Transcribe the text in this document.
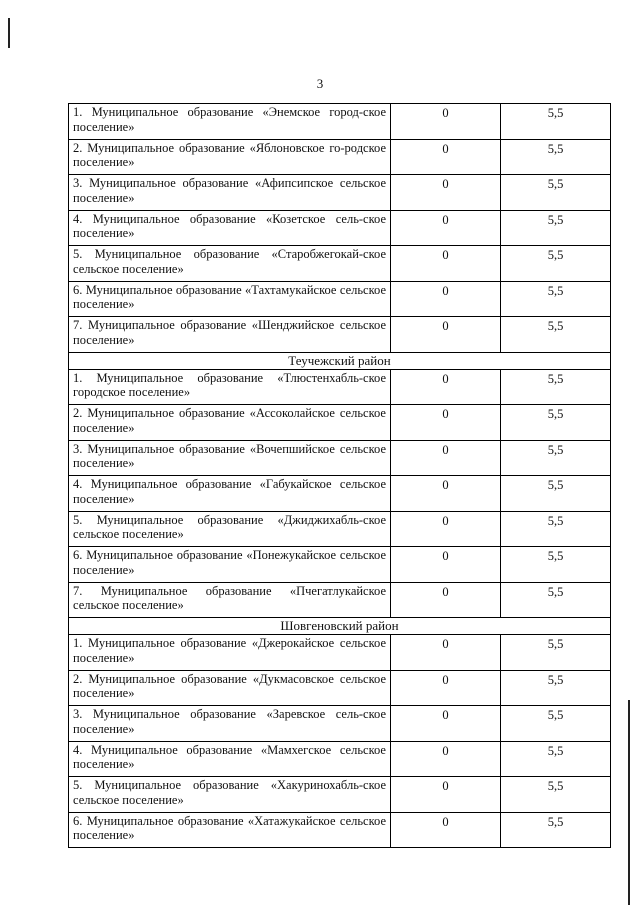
3
1. Муниципальное образование «Энемское город-ское поселение»	0	5,5
2. Муниципальное образование «Яблоновское го-родское поселение»	0	5,5
3. Муниципальное образование «Афипсипское сельское поселение»	0	5,5
4. Муниципальное образование «Козетское сель-ское поселение»	0	5,5
5. Муниципальное образование «Старобжегокай-ское сельское поселение»	0	5,5
6. Муниципальное образование «Тахтамукайское сельское поселение»	0	5,5
7. Муниципальное образование «Шенджийское сельское поселение»	0	5,5
Теучежский район		
1. Муниципальное образование «Тлюстенхабль-ское городское поселение»	0	5,5
2. Муниципальное образование «Ассоколайское сельское поселение»	0	5,5
3. Муниципальное образование «Вочепшийское сельское поселение»	0	5,5
4. Муниципальное образование «Габукайское сельское поселение»	0	5,5
5. Муниципальное образование «Джиджихабль-ское сельское поселение»	0	5,5
6. Муниципальное образование «Понежукайское сельское поселение»	0	5,5
7. Муниципальное образование «Пчегатлукайское сельское поселение»	0	5,5
Шовгеновский район		
1. Муниципальное образование «Джерокайское сельское поселение»	0	5,5
2. Муниципальное образование «Дукмасовское сельское поселение»	0	5,5
3. Муниципальное образование «Заревское сель-ское поселение»	0	5,5
4. Муниципальное образование «Мамхегское сельское поселение»	0	5,5
5. Муниципальное образование «Хакуринохабль-ское сельское поселение»	0	5,5
6. Муниципальное образование «Хатажукайское сельское поселение»	0	5,5
